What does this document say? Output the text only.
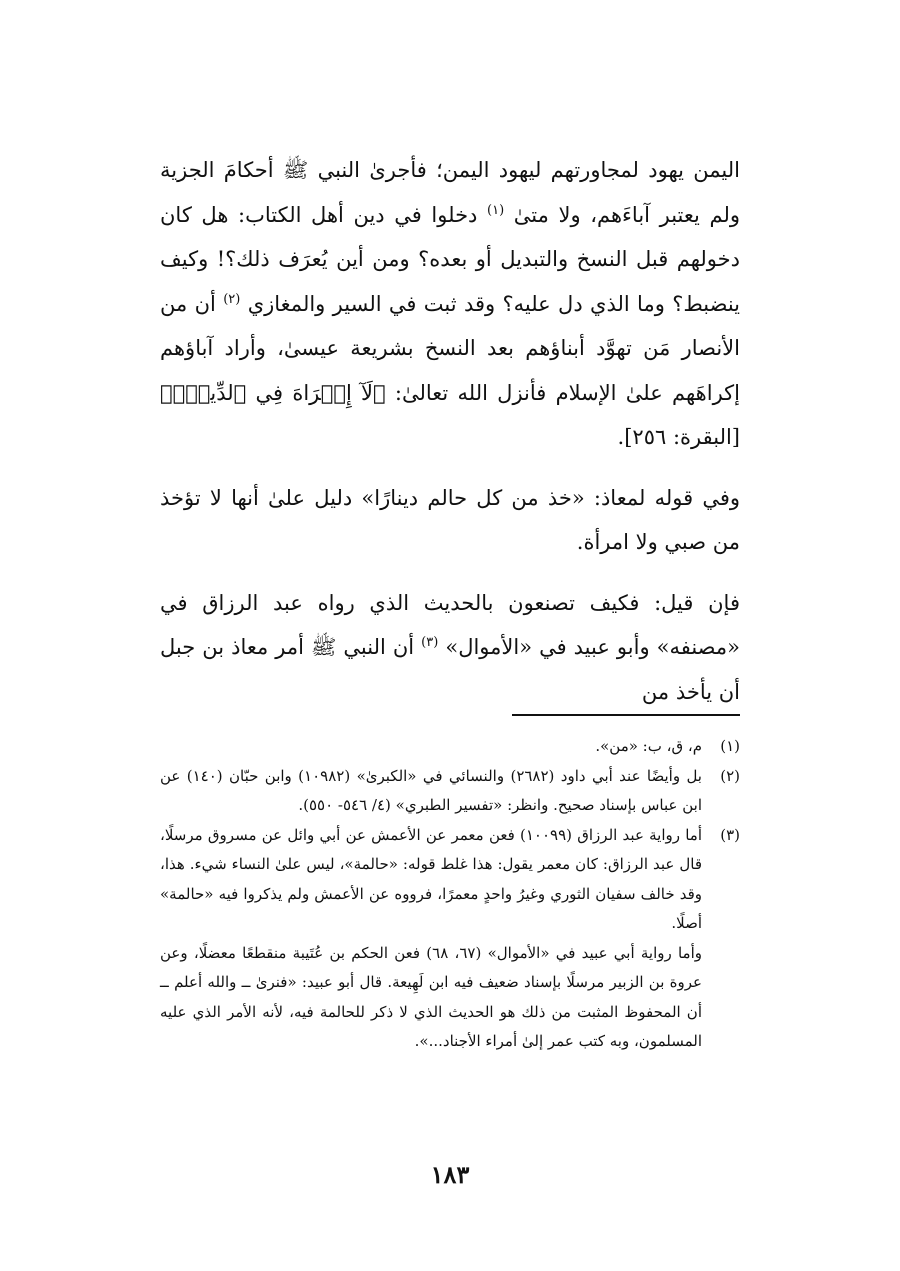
اليمن يهود لمجاورتهم ليهود اليمن؛ فأجرىٰ النبي ﷺ أحكامَ الجزية ولم يعتبر آباءَهم، ولا متىٰ $^{(١)}$ دخلوا في دين أهل الكتاب: هل كان دخولهم قبل النسخ والتبديل أو بعده؟ ومن أين يُعرَف ذلك؟! وكيف ينضبط؟ وما الذي دل عليه؟ وقد ثبت في السير والمغازي $^{(٢)}$ أن من الأنصار مَن تهوَّد أبناؤهم بعد النسخ بشريعة عيسىٰ، وأراد آباؤهم إكراهَهم علىٰ الإسلام فأنزل الله تعالىٰ: ﴿لَآ إِكۡرَاهَ فِي ٱلدِّينِۖ﴾ [البقرة: ٢٥٦].

وفي قوله لمعاذ: «خذ من كل حالم دينارًا» دليل علىٰ أنها لا تؤخذ من صبي ولا امرأة.

فإن قيل: فكيف تصنعون بالحديث الذي رواه عبد الرزاق في «مصنفه» وأبو عبيد في «الأموال» $^{(٣)}$ أن النبي ﷺ أمر معاذ بن جبل أن يأخذ من

(١)

م، ق، ب: «من».

(٢)

بل وأيضًا عند أبي داود (٢٦٨٢) والنسائي في «الكبرىٰ» (١٠٩٨٢) وابن حبّان (١٤٠) عن ابن عباس بإسناد صحيح. وانظر: «تفسير الطبري» (٤/ ٥٤٦- ٥٥٠).

(٣)

أما رواية عبد الرزاق (١٠٠٩٩) فعن معمر عن الأعمش عن أبي وائل عن مسروق مرسلًا، قال عبد الرزاق: كان معمر يقول: هذا غلط قوله: «حالمة»، ليس علىٰ النساء شيء. هذا، وقد خالف سفيان الثوري وغيرُ واحدٍ معمرًا، فرووه عن الأعمش ولم يذكروا فيه «حالمة» أصلًا.

وأما رواية أبي عبيد في «الأموال» (٦٧، ٦٨) فعن الحكم بن عُتَيبة منقطعًا معضلًا، وعن عروة بن الزبير مرسلًا بإسناد ضعيف فيه ابن لَهِيعة. قال أبو عبيد: «فنرىٰ ــ والله أعلم ــ أن المحفوظ المثبت من ذلك هو الحديث الذي لا ذكر للحالمة فيه، لأنه الأمر الذي عليه المسلمون، وبه كتب عمر إلىٰ أمراء الأجناد...».

١٨٣
